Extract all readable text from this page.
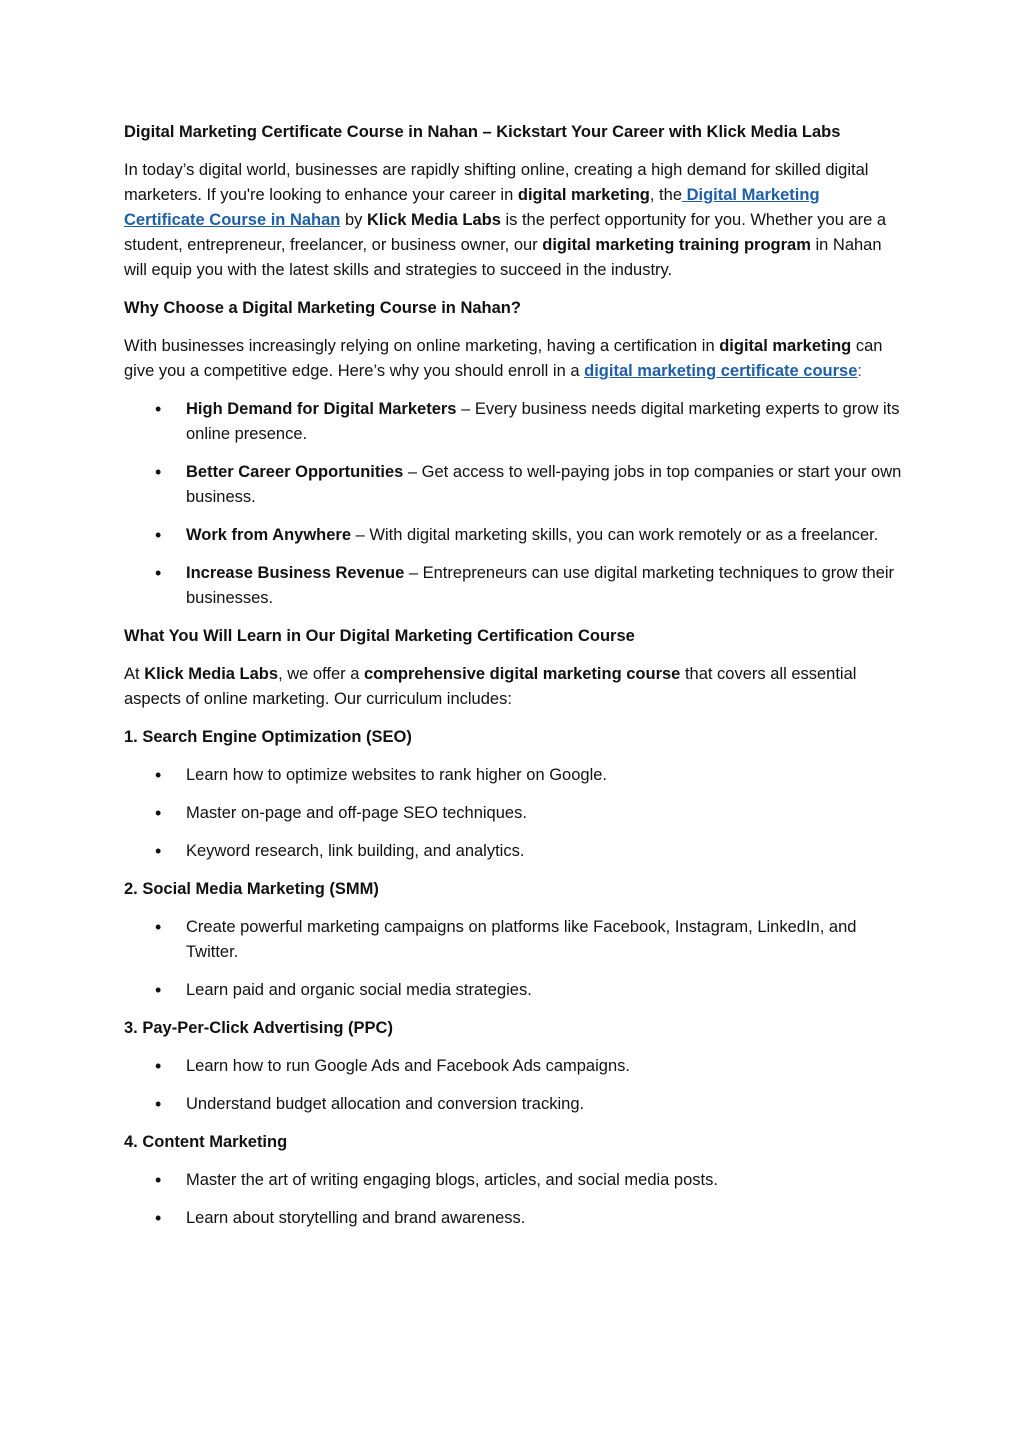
Digital Marketing Certificate Course in Nahan – Kickstart Your Career with Klick Media Labs

In today’s digital world, businesses are rapidly shifting online, creating a high demand for skilled digital marketers. If you're looking to enhance your career in digital marketing, the Digital Marketing Certificate Course in Nahan by Klick Media Labs is the perfect opportunity for you. Whether you are a student, entrepreneur, freelancer, or business owner, our digital marketing training program in Nahan will equip you with the latest skills and strategies to succeed in the industry.

Why Choose a Digital Marketing Course in Nahan?

With businesses increasingly relying on online marketing, having a certification in digital marketing can give you a competitive edge. Here’s why you should enroll in a digital marketing certificate course:

• High Demand for Digital Marketers – Every business needs digital marketing experts to grow its online presence.
• Better Career Opportunities – Get access to well-paying jobs in top companies or start your own business.
• Work from Anywhere – With digital marketing skills, you can work remotely or as a freelancer.
• Increase Business Revenue – Entrepreneurs can use digital marketing techniques to grow their businesses.

What You Will Learn in Our Digital Marketing Certification Course

At Klick Media Labs, we offer a comprehensive digital marketing course that covers all essential aspects of online marketing. Our curriculum includes:

1. Search Engine Optimization (SEO)

• Learn how to optimize websites to rank higher on Google.
• Master on-page and off-page SEO techniques.
• Keyword research, link building, and analytics.

2. Social Media Marketing (SMM)

• Create powerful marketing campaigns on platforms like Facebook, Instagram, LinkedIn, and Twitter.
• Learn paid and organic social media strategies.

3. Pay-Per-Click Advertising (PPC)

• Learn how to run Google Ads and Facebook Ads campaigns.
• Understand budget allocation and conversion tracking.

4. Content Marketing

• Master the art of writing engaging blogs, articles, and social media posts.
• Learn about storytelling and brand awareness.
